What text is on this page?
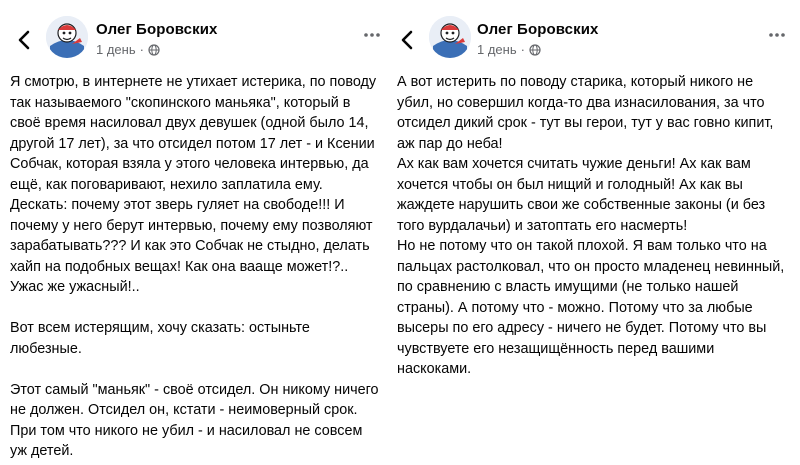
Олег Боровских
1 день ·
Я смотрю, в интернете не утихает истерика, по поводу так называемого "скопинского маньяка", который в своё время насиловал двух девушек (одной было 14, другой 17 лет), за что отсидел потом 17 лет - и Ксении Собчак, которая взяла у этого человека интервью, да ещё, как поговаривают, нехило заплатила ему.
Дескать: почему этот зверь гуляет на свободе!!! И почему у него берут интервью, почему ему позволяют зарабатывать??? И как это Собчак не стыдно, делать хайп на подобных вещах! Как она вааще может!?.. Ужас же ужасный!..

Вот всем истерящим, хочу сказать: остыньте любезные.

Этот самый "маньяк" - своё отсидел. Он никому ничего не должен. Отсидел он, кстати - неимоверный срок. При том что никого не убил - и насиловал не совсем уж детей.
Олег Боровских
1 день ·
А вот истерить по поводу старика, который никого не убил, но совершил когда-то два изнасилования, за что отсидел дикий срок - тут вы герои, тут у вас говно кипит, аж пар до неба!
Ах как вам хочется считать чужие деньги! Ах как вам хочется чтобы он был нищий и голодный! Ах как вы жаждете нарушить свои же собственные законы (и без того вурдалачьи) и затоптать его насмерть!
Но не потому что он такой плохой. Я вам только что на пальцах растолковал, что он просто младенец невинный, по сравнению с власть имущими (не только нашей страны). А потому что - можно. Потому что за любые высеры по его адресу - ничего не будет. Потому что вы чувствуете его незащищённость перед вашими наскоками.
